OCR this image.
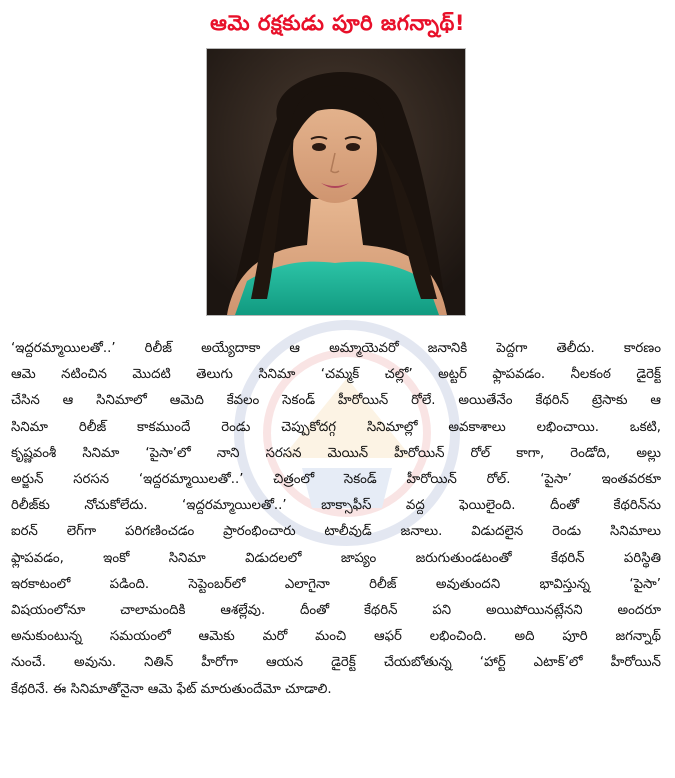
ఆమె రక్షకుడు పూరి జగన్నాథ్!
‘ఇద్దరమ్మాయిలతో..’ రిలీజ్ అయ్యేదాకా ఆ అమ్మాయెవరో జనానికి పెద్దగా తెలీదు. కారణం
ఆమె నటించిన మొదటి తెలుగు సినిమా ‘చమ్మక్ చల్లో’ అట్టర్ ఫ్లాపవడం. నీలకంఠ డైరెక్ట్
చేసిన ఆ సినిమాలో ఆమెది కేవలం సెకండ్ హీరోయిన్ రోలే. అయితేనేం కేథరిన్ ట్రెసాకు ఆ
సినిమా రిలీజ్ కాకముందే రెండు చెప్పుకోదగ్గ సినిమాల్లో అవకాశాలు లభించాయి. ఒకటి,
కృష్ణవంశీ సినిమా ‘పైసా’లో నాని సరసన మెయిన్ హీరోయిన్ రోల్ కాగా, రెండోది, అల్లు
అర్జున్ సరసన ‘ఇద్దరమ్మాయిలతో..’ చిత్రంలో సెకండ్ హీరోయిన్ రోల్. ‘పైసా’ ఇంతవరకూ
రిలీజ్‌కు నోచుకోలేదు. ‘ఇద్దరమ్మాయిలతో..’ బాక్సాఫీస్ వద్ద ఫెయిలైంది. దీంతో కేథరిన్‌ను
ఐరన్ లెగ్‌గా పరిగణించడం ప్రారంభించారు టాలీవుడ్ జనాలు. విడుదలైన రెండు సినిమాలు
ఫ్లాపవడం, ఇంకో సినిమా విడుదలలో జాప్యం జరుగుతుండటంతో కేథరిన్ పరిస్థితి
ఇరకాటంలో పడింది. సెప్టెంబర్‌లో ఎలాగైనా రిలీజ్ అవుతుందని భావిస్తున్న ‘పైసా’
విషయంలోనూ చాలామందికి ఆశల్లేవు. దీంతో కేథరిన్ పని అయిపోయినట్లేనని అందరూ
అనుకుంటున్న సమయంలో ఆమెకు మరో మంచి ఆఫర్ లభించింది. అది పూరి జగన్నాథ్
నుంచే. అవును. నితిన్ హీరోగా ఆయన డైరెక్ట్ చేయబోతున్న ‘హార్ట్ ఎటాక్’లో హీరోయిన్
కేథరినే. ఈ సినిమాతోనైనా ఆమె ఫేట్ మారుతుందేమో చూడాలి.
